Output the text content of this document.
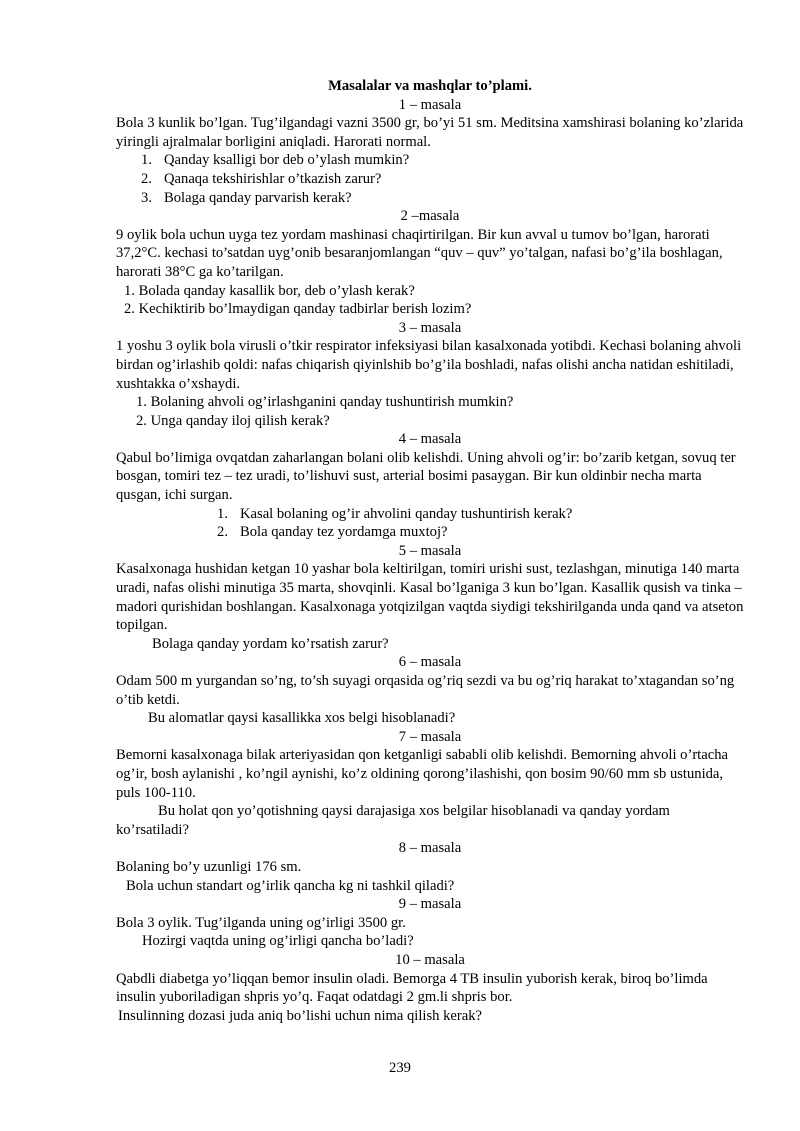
Masalalar va mashqlar to’plami.
1 – masala
Bola 3 kunlik bo’lgan. Tug’ilgandagi vazni 3500 gr, bo’yi 51 sm. Meditsina xamshirasi bolaning ko’zlarida yiringli ajralmalar borligini aniqladi. Harorati normal.
1. Qanday ksalligi bor deb o’ylash mumkin?
2. Qanaqa tekshirishlar o’tkazish zarur?
3. Bolaga qanday parvarish kerak?
2 –masala
9 oylik bola uchun uyga tez yordam mashinasi chaqirtirilgan. Bir kun avval u tumov bo’lgan, harorati 37,2°C. kechasi to’satdan uyg’onib besaranjomlangan “quv – quv” yo’talgan, nafasi bo’g’ila boshlagan, harorati 38°C ga ko’tarilgan.
1. Bolada qanday kasallik bor, deb o’ylash kerak?
2. Kechiktirib bo’lmaydigan qanday tadbirlar berish lozim?
3 – masala
1 yoshu 3 oylik bola virusli o’tkir respirator infeksiyasi bilan kasalxonada yotibdi. Kechasi bolaning ahvoli birdan og’irlashib qoldi: nafas chiqarish qiyinlshib bo’g’ila boshladi, nafas olishi ancha natidan eshitiladi, xushtakka o’xshaydi.
1. Bolaning ahvoli og’irlashganini qanday tushuntirish mumkin?
2. Unga qanday iloj qilish kerak?
4 – masala
Qabul bo’limiga ovqatdan zaharlangan bolani olib kelishdi. Uning ahvoli og’ir: bo’zarib ketgan, sovuq ter bosgan, tomiri tez – tez uradi, to’lishuvi sust, arterial bosimi pasaygan. Bir kun oldinbir necha marta qusgan, ichi surgan.
1. Kasal bolaning og’ir ahvolini qanday tushuntirish kerak?
2. Bola qanday tez yordamga muxtoj?
5 – masala
Kasalxonaga hushidan ketgan 10 yashar bola keltirilgan, tomiri urishi sust, tezlashgan, minutiga 140 marta uradi, nafas olishi minutiga 35 marta, shovqinli. Kasal bo’lganiga 3 kun bo’lgan. Kasallik qusish va tinka – madori qurishidan boshlangan. Kasalxonaga yotqizilgan vaqtda siydigi tekshirilganda unda qand va atseton topilgan.
Bolaga qanday yordam ko’rsatish zarur?
6 – masala
Odam 500 m yurgandan so’ng, to’sh suyagi orqasida og’riq sezdi va bu og’riq harakat to’xtagandan so’ng o’tib ketdi.
Bu alomatlar qaysi kasallikka xos belgi hisoblanadi?
7 – masala
Bemorni kasalxonaga bilak arteriyasidan qon ketganligi sababli olib kelishdi. Bemorning ahvoli o’rtacha og’ir, bosh aylanishi , ko’ngil aynishi, ko’z oldining qorong’ilashishi, qon bosim 90/60 mm sb ustunida, puls 100-110.
Bu holat qon yo’qotishning qaysi darajasiga xos belgilar hisoblanadi va qanday yordam ko’rsatiladi?
8 – masala
Bolaning bo’y uzunligi 176 sm.
Bola uchun standart og’irlik qancha kg ni tashkil qiladi?
9 – masala
Bola 3 oylik. Tug’ilganda uning og’irligi 3500 gr.
Hozirgi vaqtda uning og’irligi qancha bo’ladi?
10 – masala
Qabdli diabetga yo’liqqan bemor insulin oladi. Bemorga 4 TB insulin yuborish kerak, biroq bo’limda insulin yuboriladigan shpris yo’q. Faqat odatdagi 2 gm.li shpris bor.
Insulinning dozasi juda aniq bo’lishi uchun nima qilish kerak?
239
